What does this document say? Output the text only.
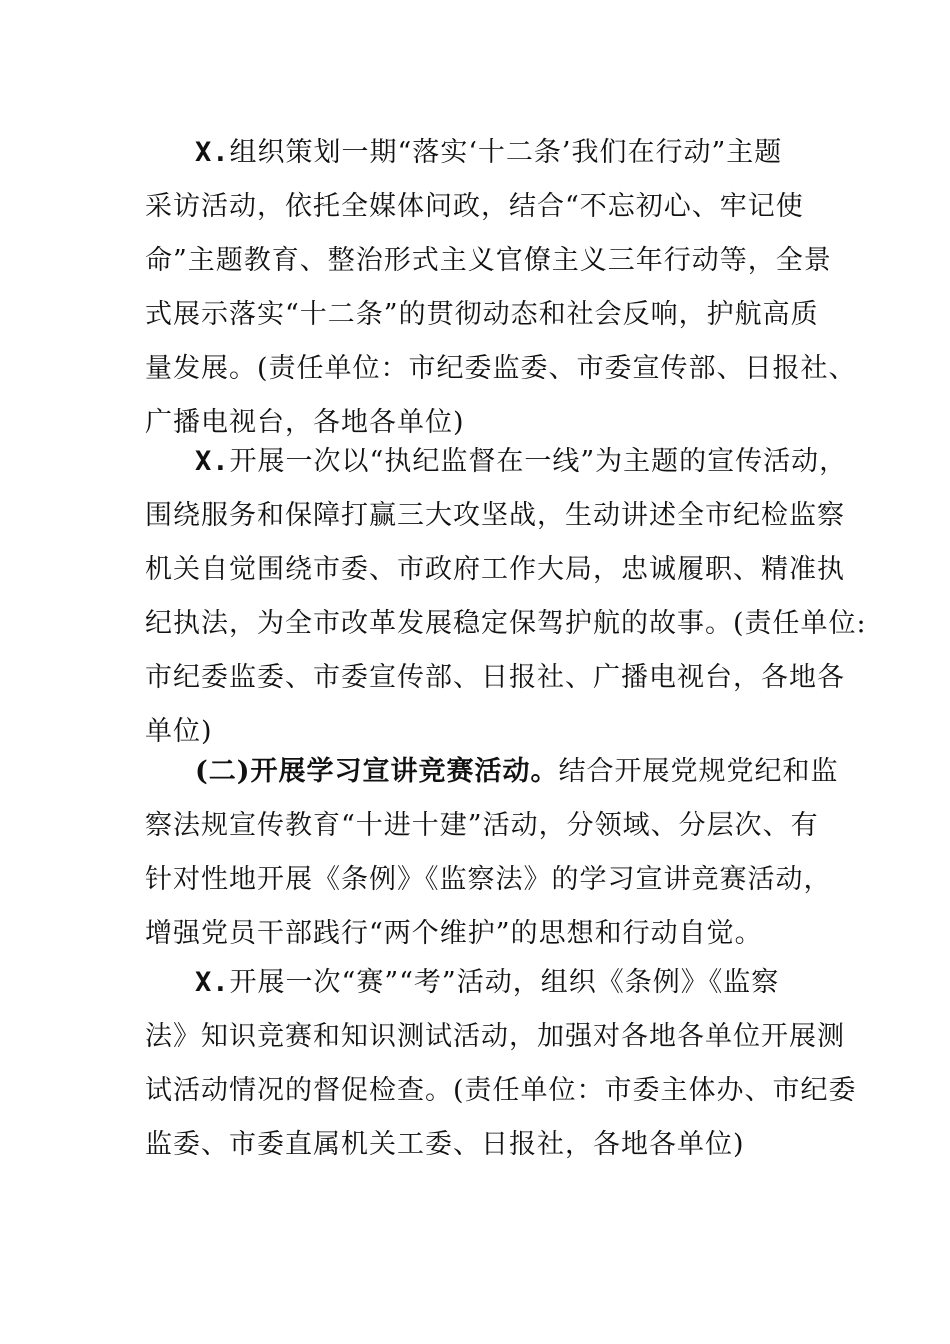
X.组织策划一期“落实‘十二条’我们在行动”主题
采访活动，依托全媒体问政，结合“不忘初心、牢记使
命”主题教育、整治形式主义官僚主义三年行动等，全景
式展示落实“十二条”的贯彻动态和社会反响，护航高质
量发展。(责任单位：市纪委监委、市委宣传部、日报社、
广播电视台，各地各单位)
X.开展一次以“执纪监督在一线”为主题的宣传活动，
围绕服务和保障打赢三大攻坚战，生动讲述全市纪检监察
机关自觉围绕市委、市政府工作大局，忠诚履职、精准执
纪执法，为全市改革发展稳定保驾护航的故事。(责任单位:
市纪委监委、市委宣传部、日报社、广播电视台，各地各
单位)
(二)开展学习宣讲竞赛活动。结合开展党规党纪和监
察法规宣传教育“十进十建”活动，分领域、分层次、有
针对性地开展《条例》《监察法》的学习宣讲竞赛活动，
增强党员干部践行“两个维护”的思想和行动自觉。
X.开展一次“赛”“考”活动，组织《条例》《监察
法》知识竞赛和知识测试活动，加强对各地各单位开展测
试活动情况的督促检查。(责任单位：市委主体办、市纪委
监委、市委直属机关工委、日报社，各地各单位)
